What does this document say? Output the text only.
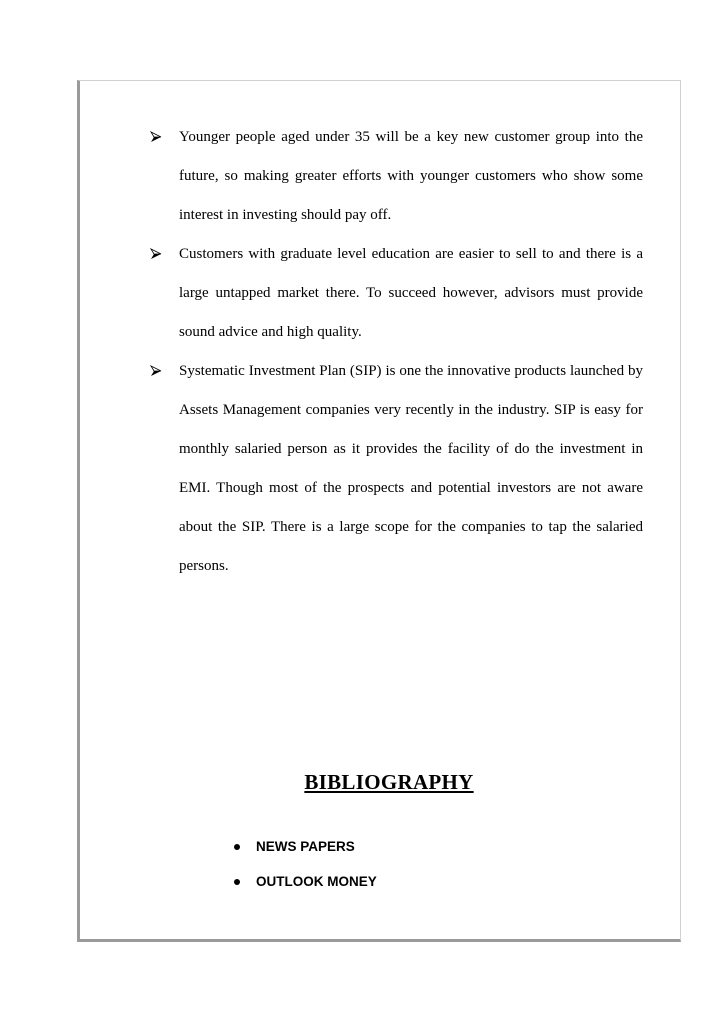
Younger people aged under 35 will be a key new customer group into the future, so making greater efforts with younger customers who show some interest in investing should pay off.
Customers with graduate level education are easier to sell to and there is a large untapped market there. To succeed however, advisors must provide sound advice and high quality.
Systematic Investment Plan (SIP) is one the innovative products launched by Assets Management companies very recently in the industry. SIP is easy for monthly salaried person as it provides the facility of do the investment in EMI. Though most of the prospects and potential investors are not aware about the SIP. There is a large scope for the companies to tap the salaried persons.
BIBLIOGRAPHY
NEWS PAPERS
OUTLOOK MONEY
